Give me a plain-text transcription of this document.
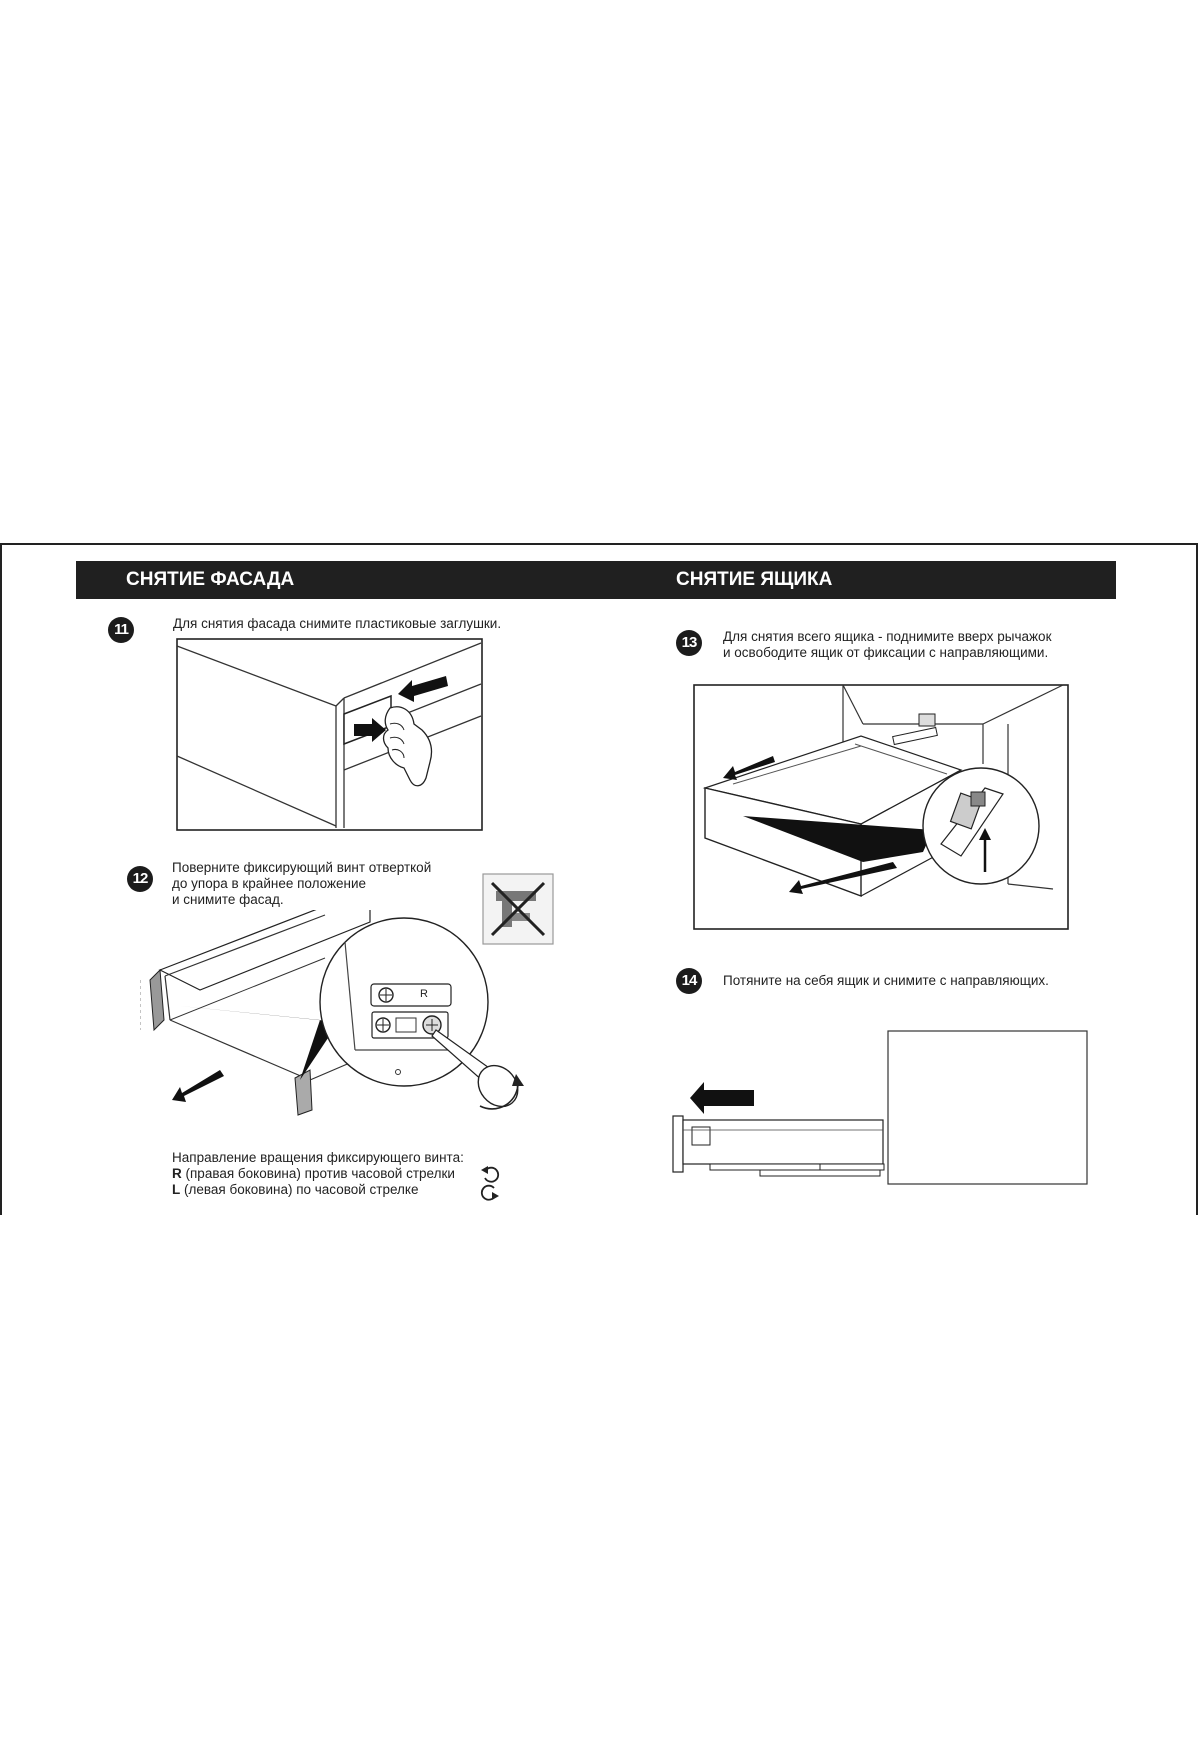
СНЯТИЕ ФАСАДА	СНЯТИЕ ЯЩИКА
11	Для снятия фасада снимите пластиковые заглушки.
12
Поверните фиксирующий винт отверткой
до упора в крайнее положение
и снимите фасад.
R
Направление вращения фиксирующего винта:
R (правая боковина) против часовой стрелки
L (левая боковина) по часовой стрелке
13	Для снятия всего ящика - поднимите вверх рычажок
и освободите ящик от фиксации с направляющими.
14	Потяните на себя ящик и снимите с направляющих.
